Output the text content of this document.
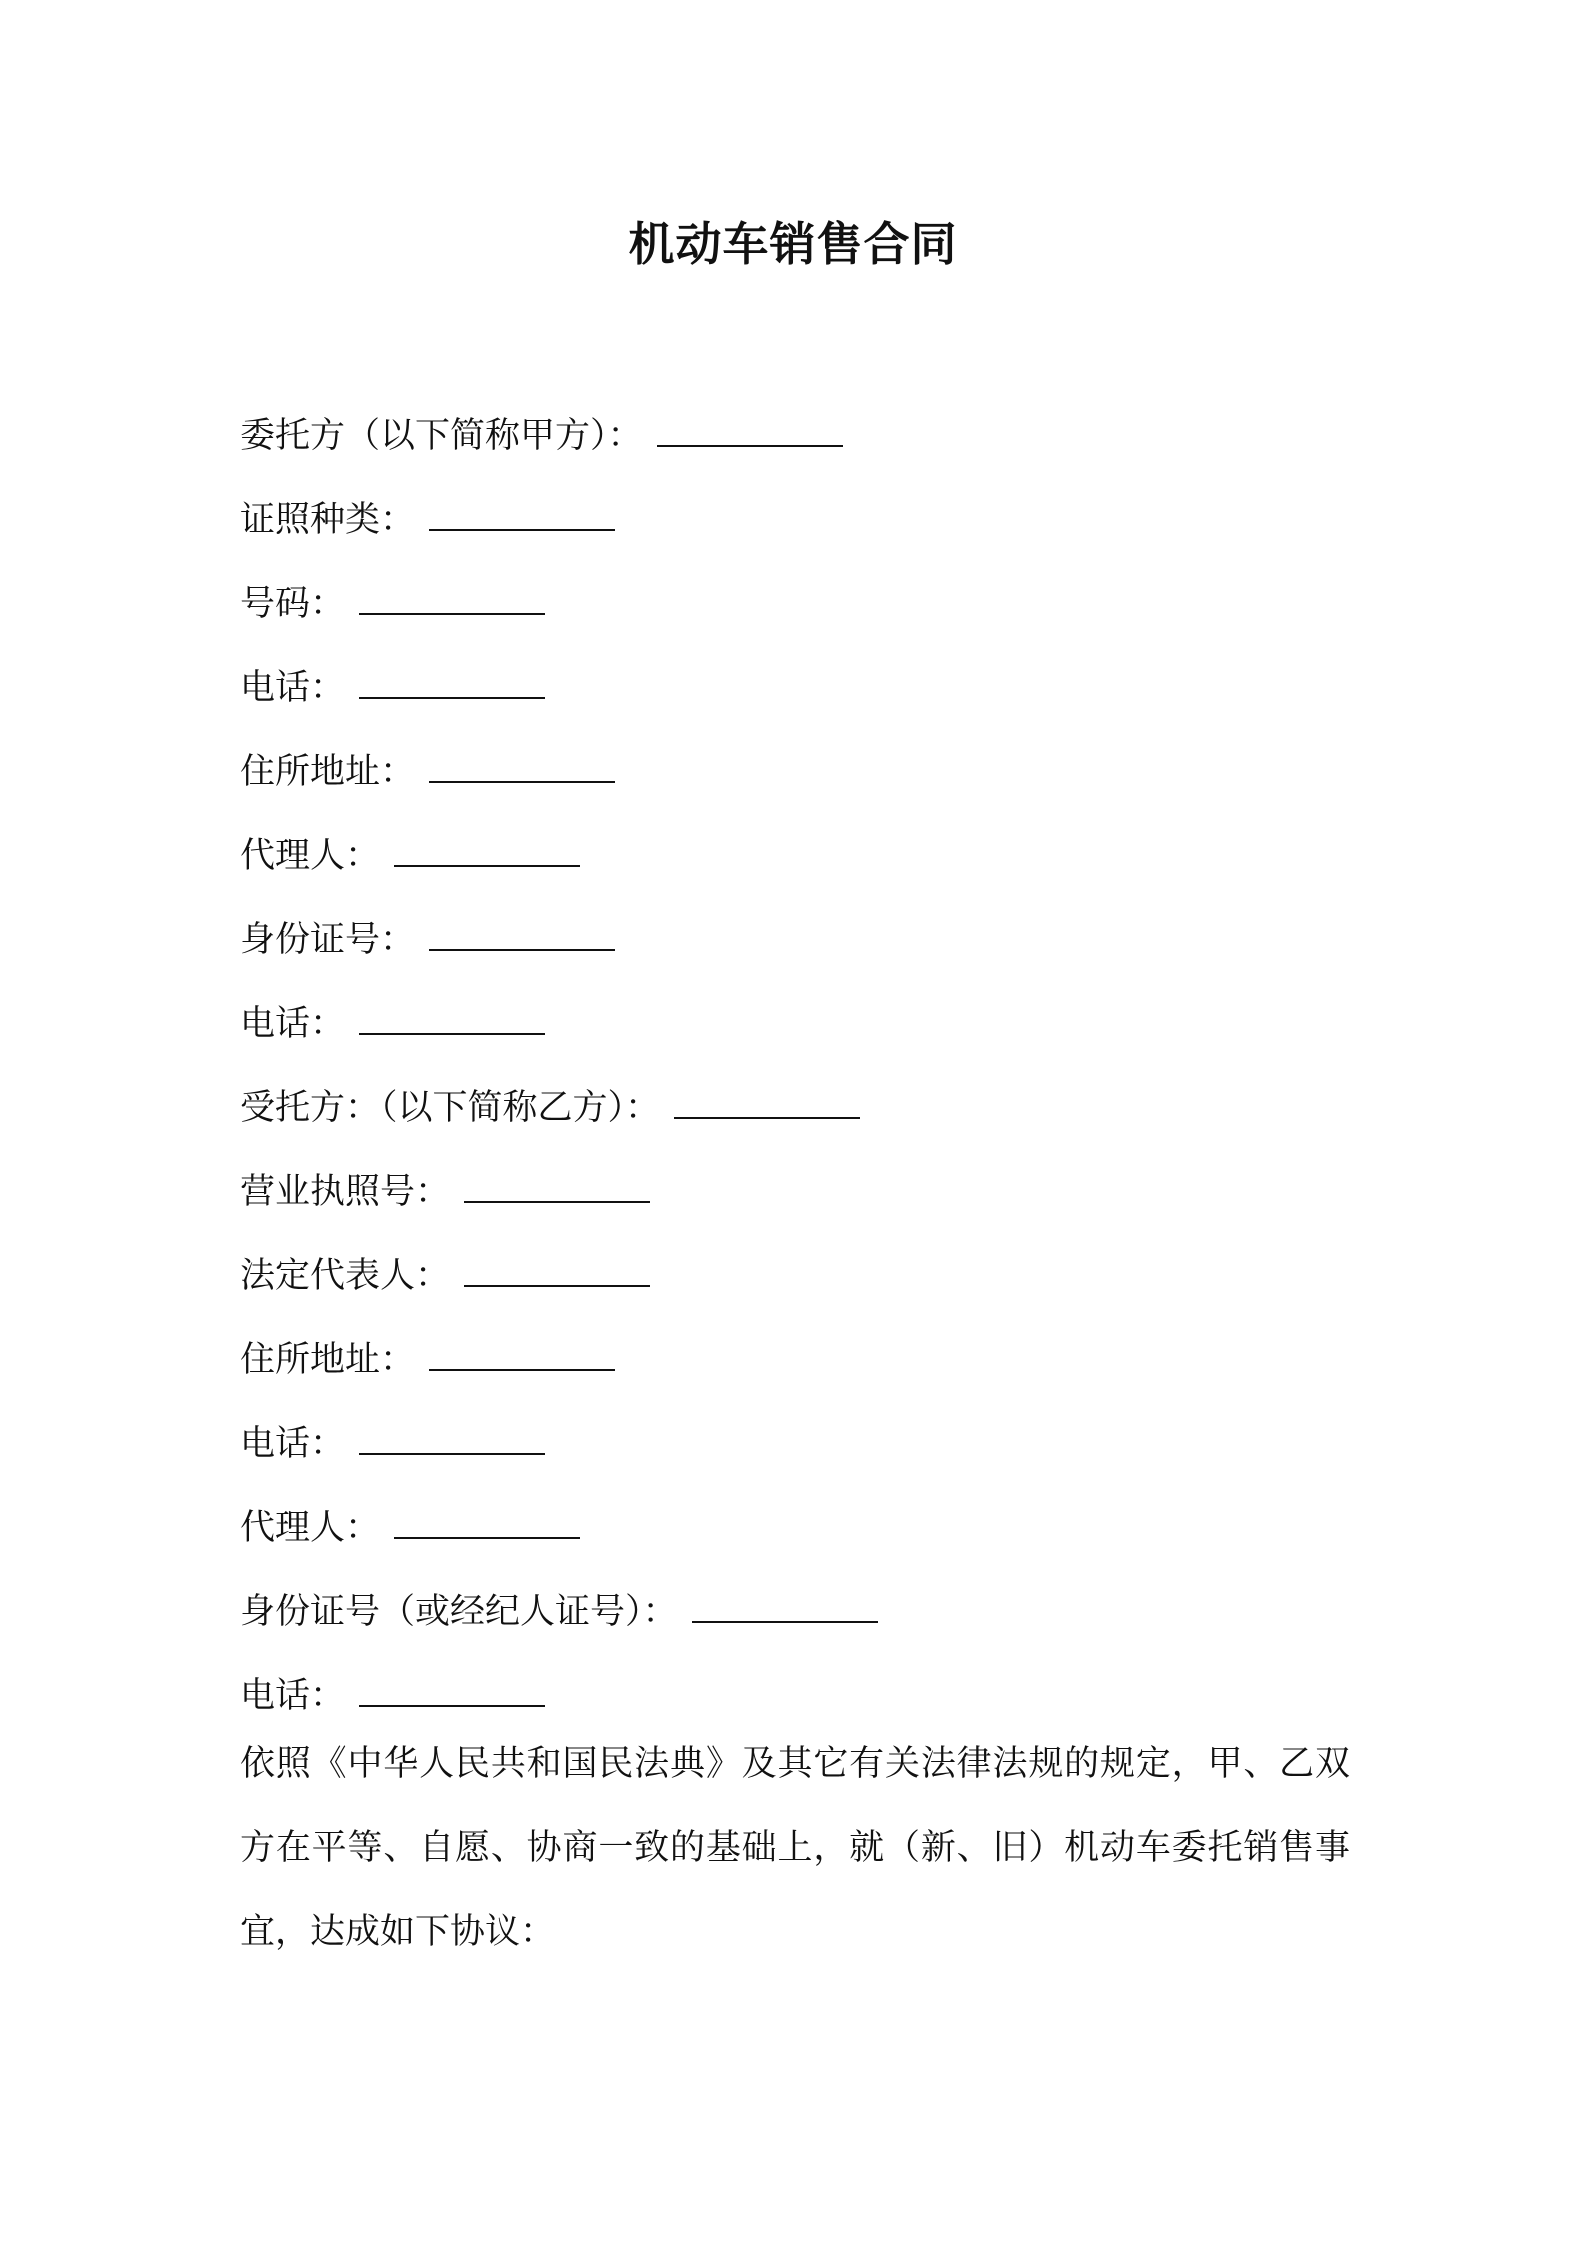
机动车销售合同
委托方（以下简称甲方）：
证照种类：
号码：
电话：
住所地址：
代理人：
身份证号：
电话：
受托方：（以下简称乙方）：
营业执照号：
法定代表人：
住所地址：
电话：
代理人：
身份证号（或经纪人证号）：
电话：
依照《中华人民共和国民法典》及其它有关法律法规的规定，甲、乙双方在平等、自愿、协商一致的基础上，就（新、旧）机动车委托销售事宜，达成如下协议：
